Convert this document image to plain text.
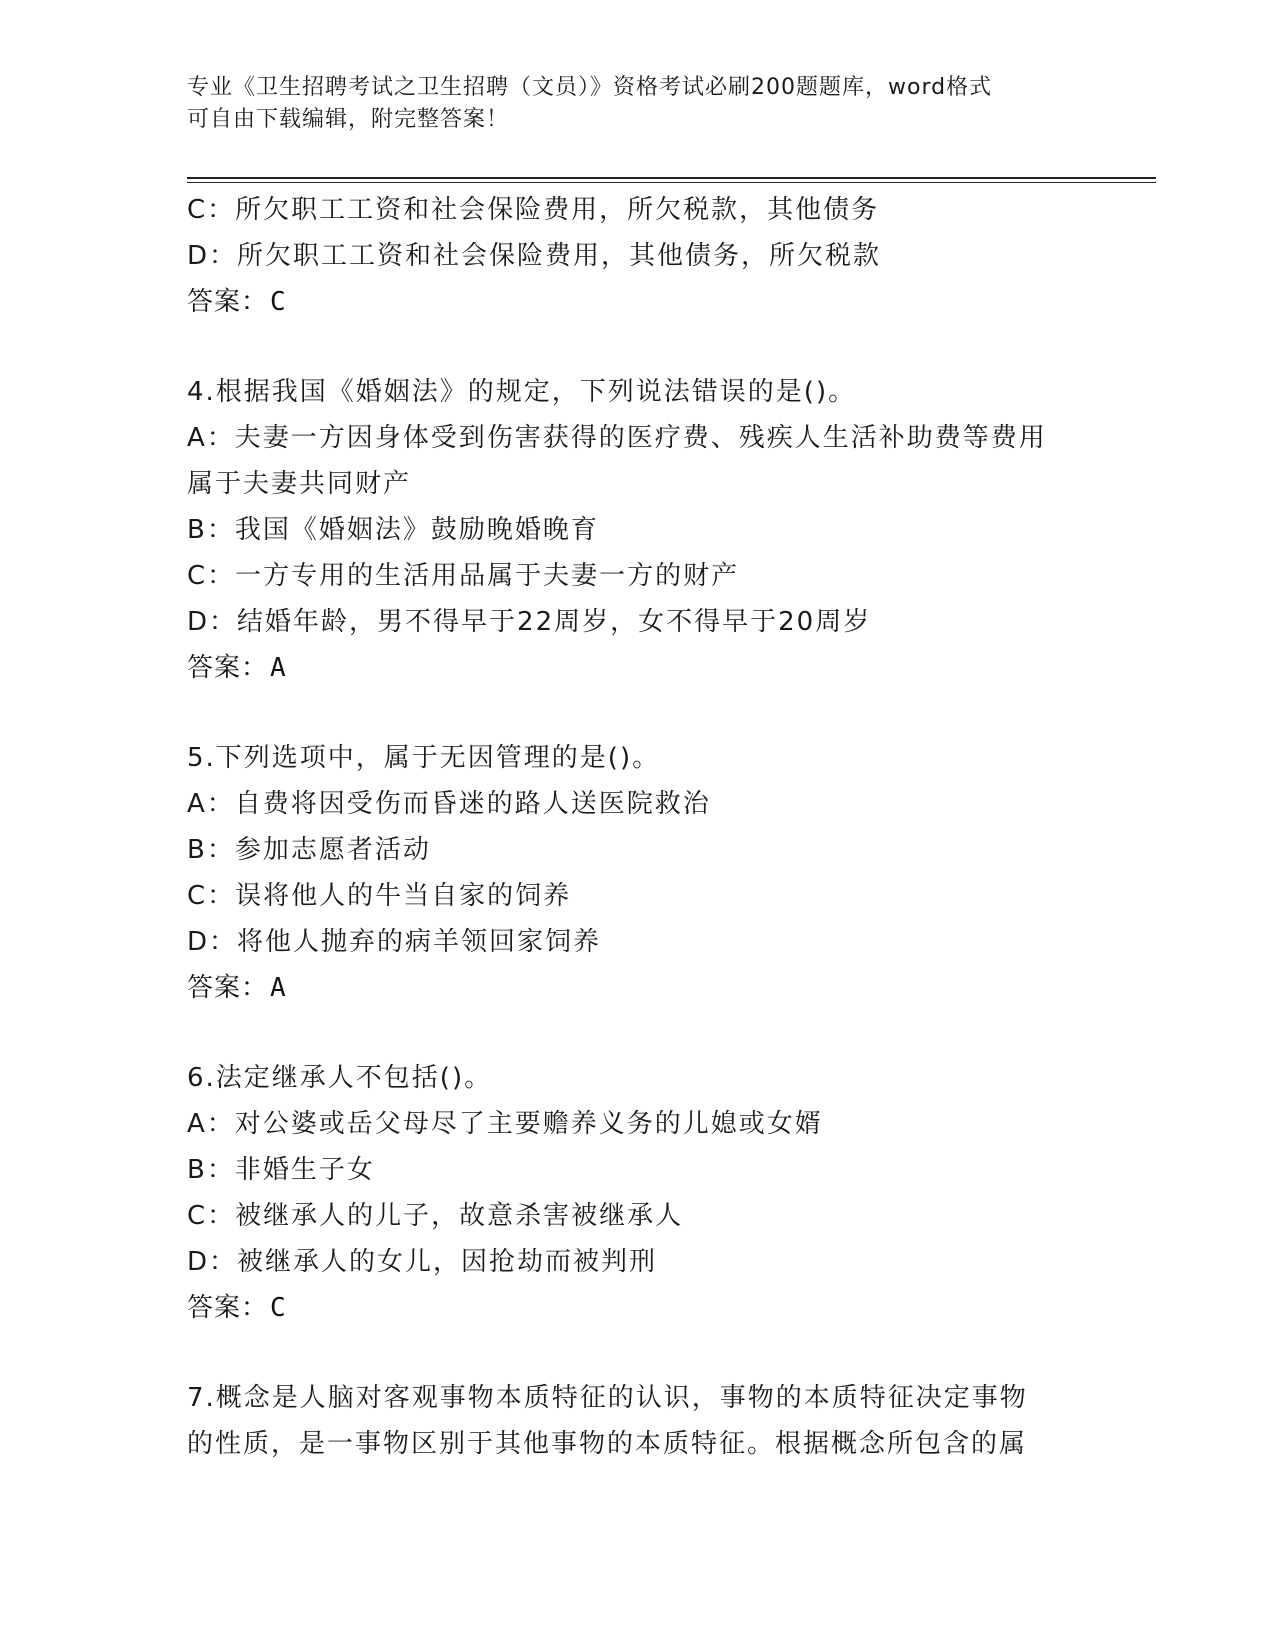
专业《卫生招聘考试之卫生招聘（文员）》资格考试必刷200题题库，word格式
可自由下载编辑，附完整答案！
C：所欠职工工资和社会保险费用，所欠税款，其他债务
D：所欠职工工资和社会保险费用，其他债务，所欠税款
答案：C
4.根据我国《婚姻法》的规定，下列说法错误的是()。
A：夫妻一方因身体受到伤害获得的医疗费、残疾人生活补助费等费用
属于夫妻共同财产
B：我国《婚姻法》鼓励晚婚晚育
C：一方专用的生活用品属于夫妻一方的财产
D：结婚年龄，男不得早于22周岁，女不得早于20周岁
答案：A
5.下列选项中，属于无因管理的是()。
A：自费将因受伤而昏迷的路人送医院救治
B：参加志愿者活动
C：误将他人的牛当自家的饲养
D：将他人抛弃的病羊领回家饲养
答案：A
6.法定继承人不包括()。
A：对公婆或岳父母尽了主要赡养义务的儿媳或女婿
B：非婚生子女
C：被继承人的儿子，故意杀害被继承人
D：被继承人的女儿，因抢劫而被判刑
答案：C
7.概念是人脑对客观事物本质特征的认识，事物的本质特征决定事物
的性质，是一事物区别于其他事物的本质特征。根据概念所包含的属
